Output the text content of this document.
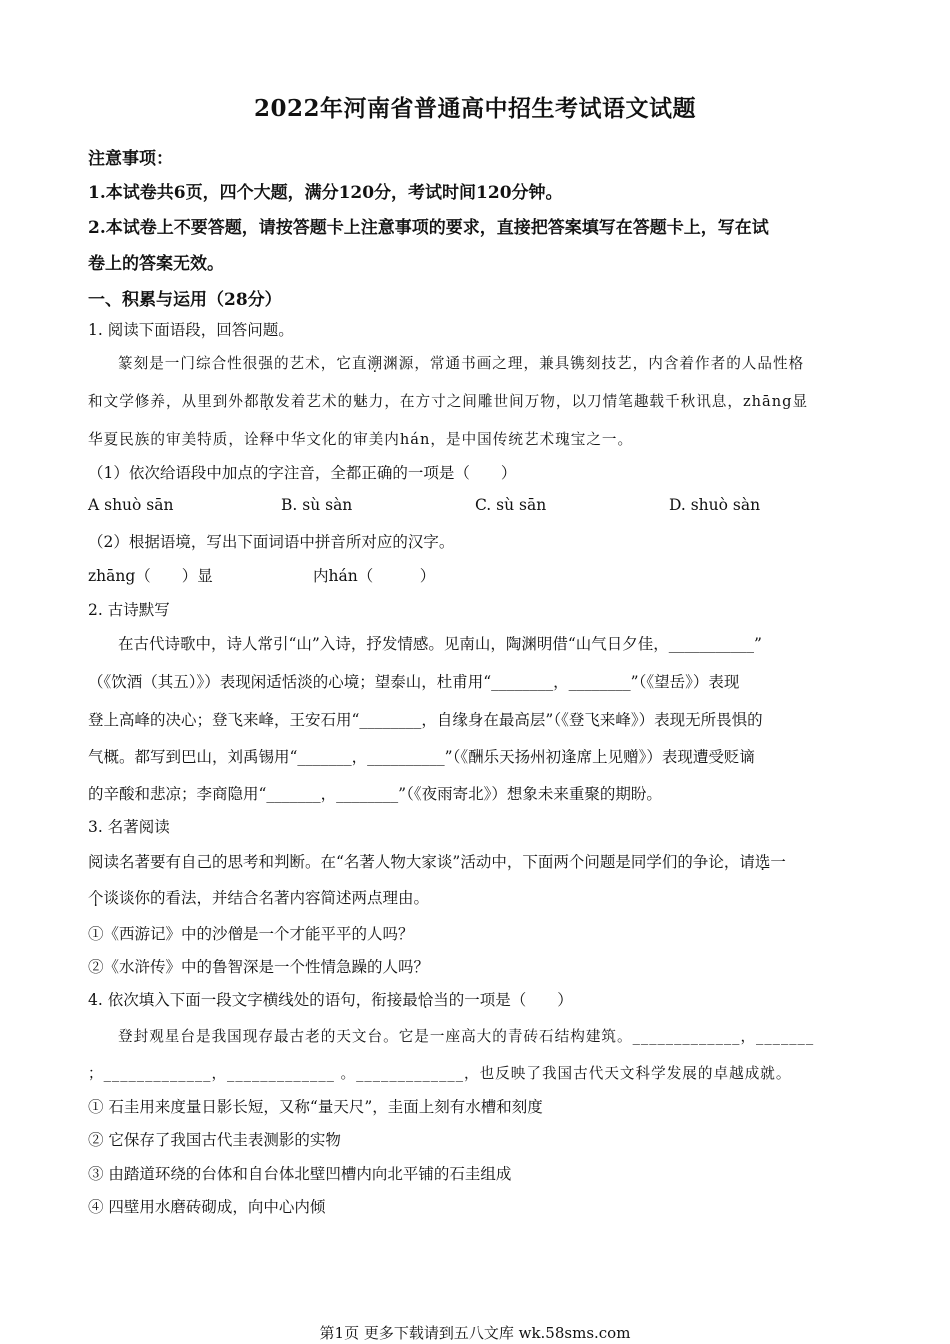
2022年河南省普通高中招生考试语文试题
注意事项：
1.本试卷共6页，四个大题，满分120分，考试时间120分钟。
2.本试卷上不要答题，请按答题卡上注意事项的要求，直接把答案填写在答题卡上，写在试
卷上的答案无效。
一、积累与运用（28分）
1. 阅读下面语段，回答问题。
篆刻是一门综合性很强的艺术，它直溯渊源，常通书画之理，兼具镌刻技艺，内含着作者的人品性格
和文学修养，从里到外都散发着艺术的魅力，在方寸之间雕世间万物，以刀情笔趣载千秋讯息，zhāng显
华夏民族的审美特质，诠释中华文化的审美内hán，是中国传统艺术瑰宝之一。
（1）依次给语段中加点的字注音，全都正确的一项是（　　）
A shuò sān	B. sù sàn	C. sù sān	D. shuò sàn
（2）根据语境，写出下面词语中拼音所对应的汉字。
zhāng（　　）显	内hán（　　　）
2. 古诗默写
在古代诗歌中，诗人常引“山”入诗，抒发情感。见南山，陶渊明借“山气日夕佳，___________”
（《饮酒（其五）》）表现闲适恬淡的心境；望泰山，杜甫用“________，________”（《望岳》）表现
登上高峰的决心；登飞来峰，王安石用“________，自缘身在最高层”（《登飞来峰》）表现无所畏惧的
气概。都写到巴山，刘禹锡用“_______，__________”（《酬乐天扬州初逢席上见赠》）表现遭受贬谪
的辛酸和悲凉；李商隐用“_______，________”（《夜雨寄北》）想象未来重聚的期盼。
3. 名著阅读
阅读名著要有自己的思考和判断。在“名著人物大家谈”活动中，下面两个问题是同学们的争论，请选一
个谈谈你的看法，并结合名著内容简述两点理由。
①《西游记》中的沙僧是一个才能平平的人吗？
②《水浒传》中的鲁智深是一个性情急躁的人吗？
4. 依次填入下面一段文字横线处的语句，衔接最恰当的一项是（　　）
登封观星台是我国现存最古老的天文台。它是一座高大的青砖石结构建筑。_____________，_______
；_____________，_____________ 。_____________，也反映了我国古代天文科学发展的卓越成就。
① 石圭用来度量日影长短，又称“量天尺”，圭面上刻有水槽和刻度
② 它保存了我国古代圭表测影的实物
③ 由踏道环绕的台体和自台体北壁凹槽内向北平铺的石圭组成
④ 四壁用水磨砖砌成，向中心内倾
第1页 更多下载请到五八文库 wk.58sms.com
